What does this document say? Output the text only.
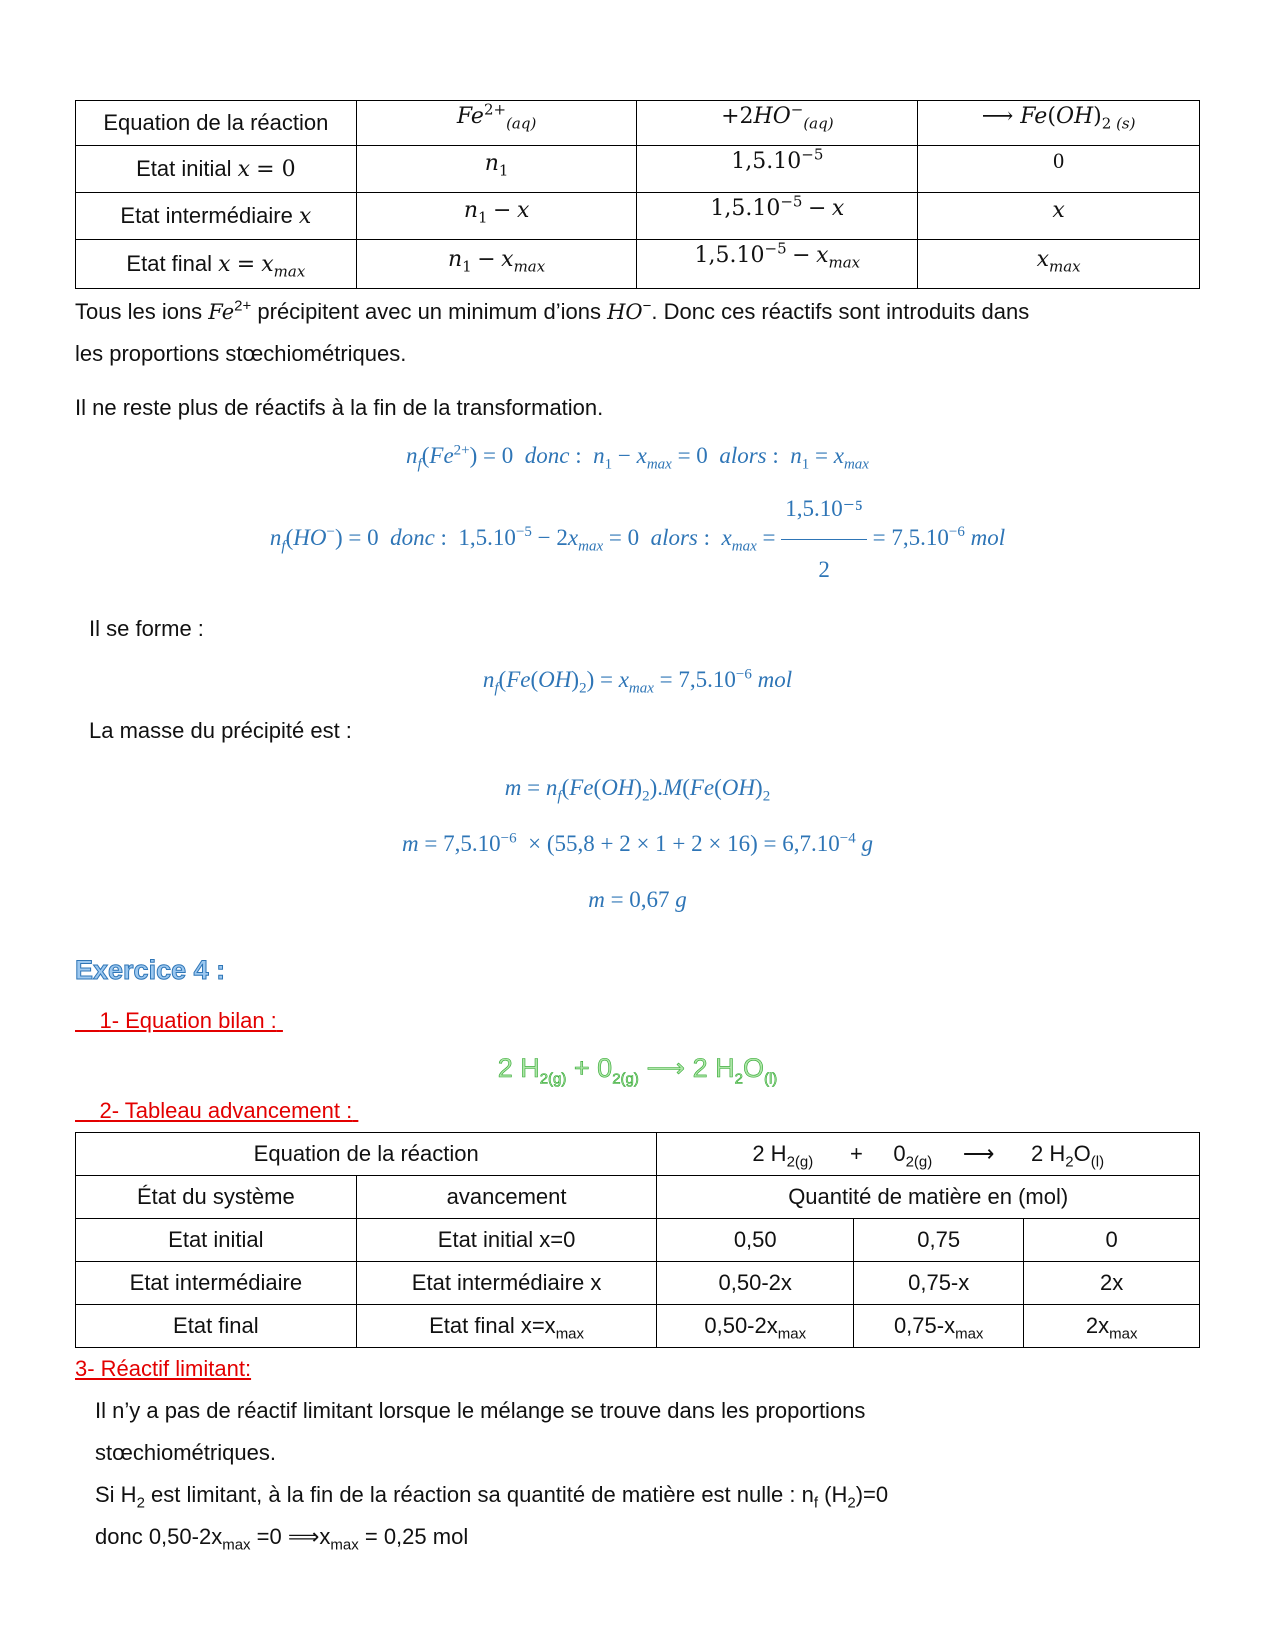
Equation de la réaction	$Fe^{2+}_{(aq)}$	$+2HO^-_{(aq)}$	⟶ $Fe(OH)_2$ $_{(s)}$
Etat initial x = 0	$n_1$	$1,5.10^{-5}$	0
Etat intermédiaire x	$n_1 - x$	$1,5.10^{-5} - x$	x
Etat final $x = x_{max}$	$n_1 - x_{max}$	$1,5.10^{-5} - x_{max}$	$x_{max}$

Tous les ions $Fe^{2+}$ précipitent avec un minimum d’ions HO−. Donc ces réactifs sont introduits dans

les proportions stœchiométriques.

Il ne reste plus de réactifs à la fin de la transformation.

$n_f(Fe^{2+}) = 0$  donc :  $n_1 - x_{max} = 0$  alors :  $n_1 = x_{max}$

$n_f(HO^-) = 0$  donc :  $1,5.10^{-5} - 2x_{max} = 0$  alors :  $x_{max} = \frac{\text{1,5.10⁻⁵}}{2} = 7,5.10^{-6}$ mol

Il se forme :

$n_f(Fe(OH)_2) = x_{max} = 7,5.10^{-6}$ mol

La masse du précipité est :

$m = n_f(Fe(OH)_2).M(Fe(OH)_2$

$m = 7,5.10^{-6} \times (55,8 + 2 \times 1 + 2 \times 16) = 6,7.10^{-4}$ g

m = 0,67 g

Exercice 4 :

1- Equation bilan :

2 $H_{2(g)} + 0_{2(g)}$ ⟶ 2 $H_2O_{(l)}$

2- Tableau advancement :

Equation de la réaction		2 $H_{2(g)}$      +     $0_{2(g)}$     ⟶      2 $H_2O_{(l)}$
État du système	avancement	Quantité de matière en (mol)		
Etat initial	Etat initial x=0	0,50	0,75	0
Etat intermédiaire	Etat intermédiaire x	0,50-2x	0,75-x	2x
Etat final	Etat final $x=x_{max}$	$0,50-2x_{max}$	$0,75-x_{max}$	$2x_{max}$

3- Réactif limitant:

Il n’y a pas de réactif limitant lorsque le mélange se trouve dans les proportions

stœchiométriques.

Si $H_2$ est limitant, à la fin de la réaction sa quantité de matière est nulle : $n_f$ $(H_2)=0$

donc $0,50-2x_{max} =0$ $⟹x_{max} = 0,25$ mol
